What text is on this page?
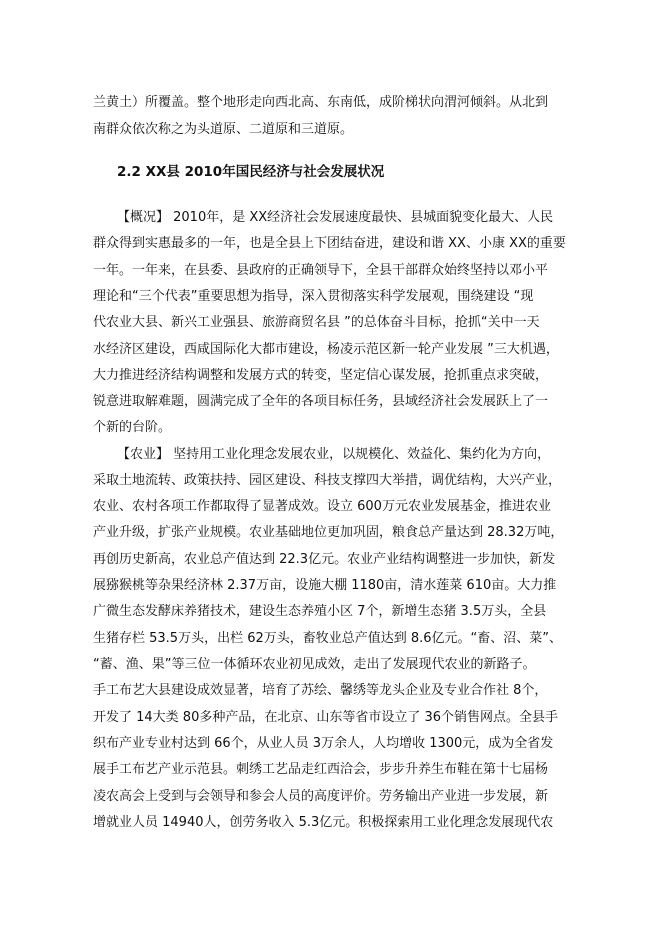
兰黄土）所覆盖。整个地形走向西北高、东南低，成阶梯状向渭河倾斜。从北到
南群众依次称之为头道原、二道原和三道原。
2.2 XX县 2010年国民经济与社会发展状况
【概况】 2010年，是 XX经济社会发展速度最快、县城面貌变化最大、人民
群众得到实惠最多的一年，也是全县上下团结奋进，建设和谐 XX、小康 XX的重要
一年。一年来，在县委、县政府的正确领导下，全县干部群众始终坚持以邓小平
理论和“三个代表”重要思想为指导，深入贯彻落实科学发展观，围绕建设 “现
代农业大县、新兴工业强县、旅游商贸名县 ”的总体奋斗目标，抢抓“关中一天
水经济区建设，西咸国际化大都市建设，杨凌示范区新一轮产业发展 ”三大机遇，
大力推进经济结构调整和发展方式的转变，坚定信心谋发展，抢抓重点求突破，
锐意进取解难题，圆满完成了全年的各项目标任务，县域经济社会发展跃上了一
个新的台阶。
【农业】 坚持用工业化理念发展农业，以规模化、效益化、集约化为方向，
采取土地流转、政策扶持、园区建设、科技支撑四大举措，调优结构，大兴产业，
农业、农村各项工作都取得了显著成效。设立 600万元农业发展基金，推进农业
产业升级，扩张产业规模。农业基础地位更加巩固，粮食总产量达到 28.32万吨，
再创历史新高，农业总产值达到 22.3亿元。农业产业结构调整进一步加快，新发
展猕猴桃等杂果经济林 2.37万亩，设施大棚 1180亩，清水莲菜 610亩。大力推
广微生态发酵床养猪技术，建设生态养殖小区 7个，新增生态猪 3.5万头，全县
生猪存栏 53.5万头，出栏 62万头，畜牧业总产值达到 8.6亿元。“畜、沼、菜”、
“蓄、渔、果”等三位一体循环农业初见成效，走出了发展现代农业的新路子。
手工布艺大县建设成效显著，培育了苏绘、馨绣等龙头企业及专业合作社 8个，
开发了 14大类 80多种产品，在北京、山东等省市设立了 36个销售网点。全县手
织布产业专业村达到 66个，从业人员 3万余人，人均增收 1300元，成为全省发
展手工布艺产业示范县。刺绣工艺品走红西洽会，步步升养生布鞋在第十七届杨
凌农高会上受到与会领导和参会人员的高度评价。劳务输出产业进一步发展，新
增就业人员 14940人，创劳务收入 5.3亿元。积极探索用工业化理念发展现代农
